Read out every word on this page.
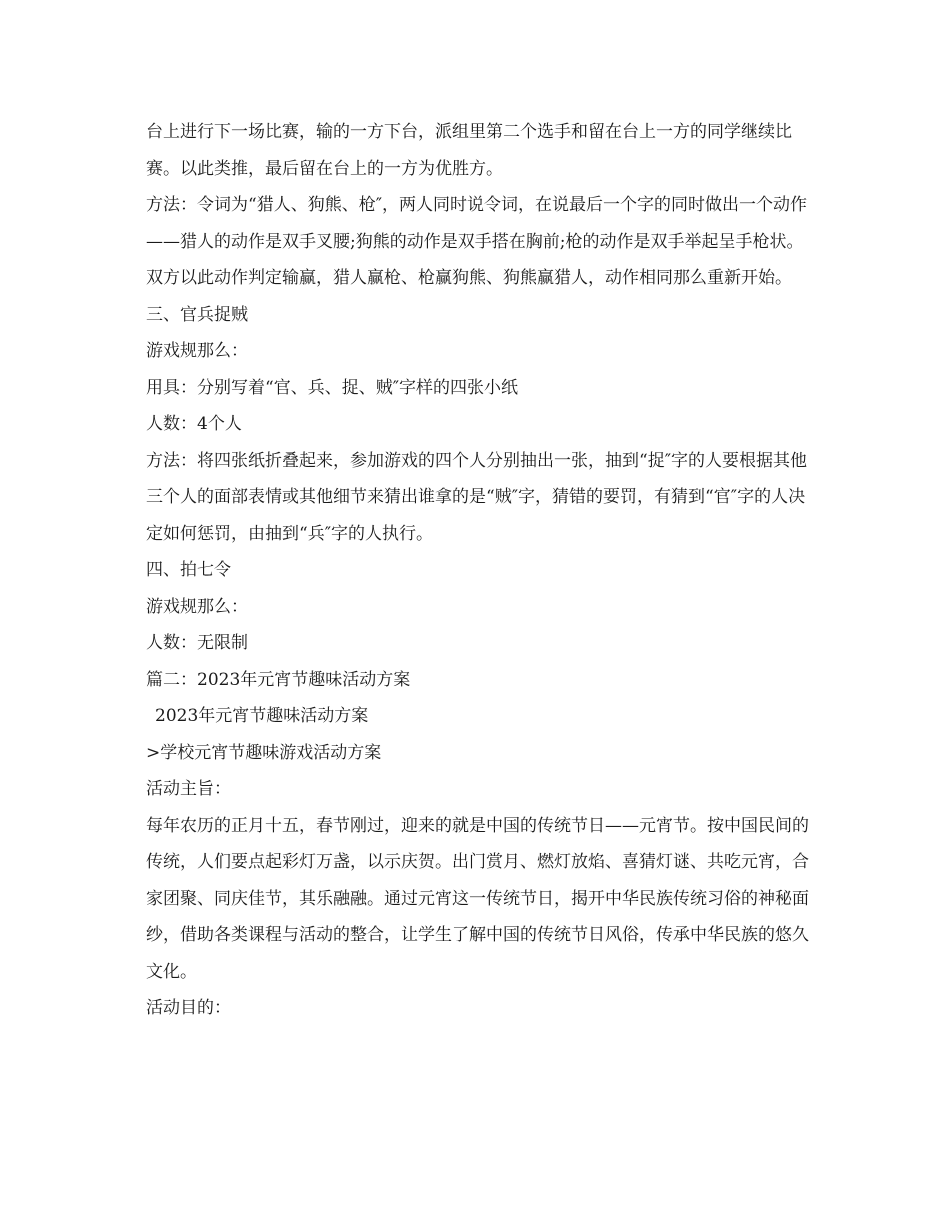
台上进行下一场比赛，输的一方下台，派组里第二个选手和留在台上一方的同学继续比赛。以此类推，最后留在台上的一方为优胜方。

方法：令词为“猎人、狗熊、枪″，两人同时说令词，在说最后一个字的同时做出一个动作——猎人的动作是双手叉腰;狗熊的动作是双手搭在胸前;枪的动作是双手举起呈手枪状。

双方以此动作判定输赢，猎人赢枪、枪赢狗熊、狗熊赢猎人，动作相同那么重新开始。

三、官兵捉贼

游戏规那么：

用具：分别写着“官、兵、捉、贼″字样的四张小纸

人数：4个人

方法：将四张纸折叠起来，参加游戏的四个人分别抽出一张，抽到“捉″字的人要根据其他三个人的面部表情或其他细节来猜出谁拿的是“贼″字，猜错的要罚，有猜到“官″字的人决定如何惩罚，由抽到“兵″字的人执行。

四、拍七令

游戏规那么：

人数：无限制

篇二：2023年元宵节趣味活动方案

2023年元宵节趣味活动方案

>学校元宵节趣味游戏活动方案

活动主旨：

每年农历的正月十五，春节刚过，迎来的就是中国的传统节日——元宵节。按中国民间的传统，人们要点起彩灯万盏，以示庆贺。出门赏月、燃灯放焰、喜猜灯谜、共吃元宵，合家团聚、同庆佳节，其乐融融。通过元宵这一传统节日，揭开中华民族传统习俗的神秘面纱，借助各类课程与活动的整合，让学生了解中国的传统节日风俗，传承中华民族的悠久文化。

活动目的：
